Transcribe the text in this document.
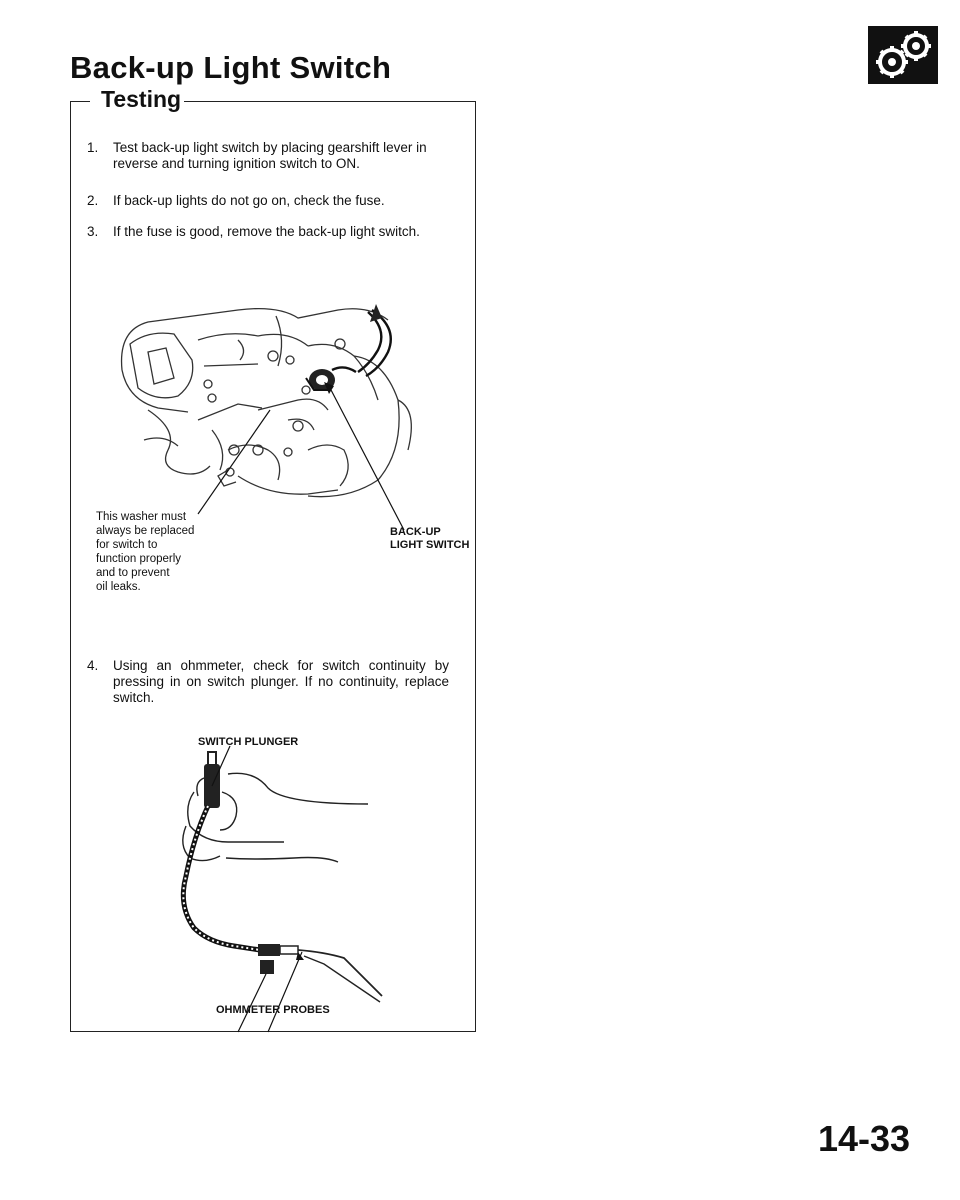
Back-up Light Switch
Testing
1. Test back-up light switch by placing gearshift lever in reverse and turning ignition switch to ON.
2. If back-up lights do not go on, check the fuse.
3. If the fuse is good, remove the back-up light switch.
This washer must
always be replaced
for switch to
function properly
and to prevent
oil leaks.
BACK-UP
LIGHT SWITCH
4. Using an ohmmeter, check for switch continuity by pressing in on switch plunger. If no continuity, replace switch.
SWITCH PLUNGER
OHMMETER PROBES
14-33
